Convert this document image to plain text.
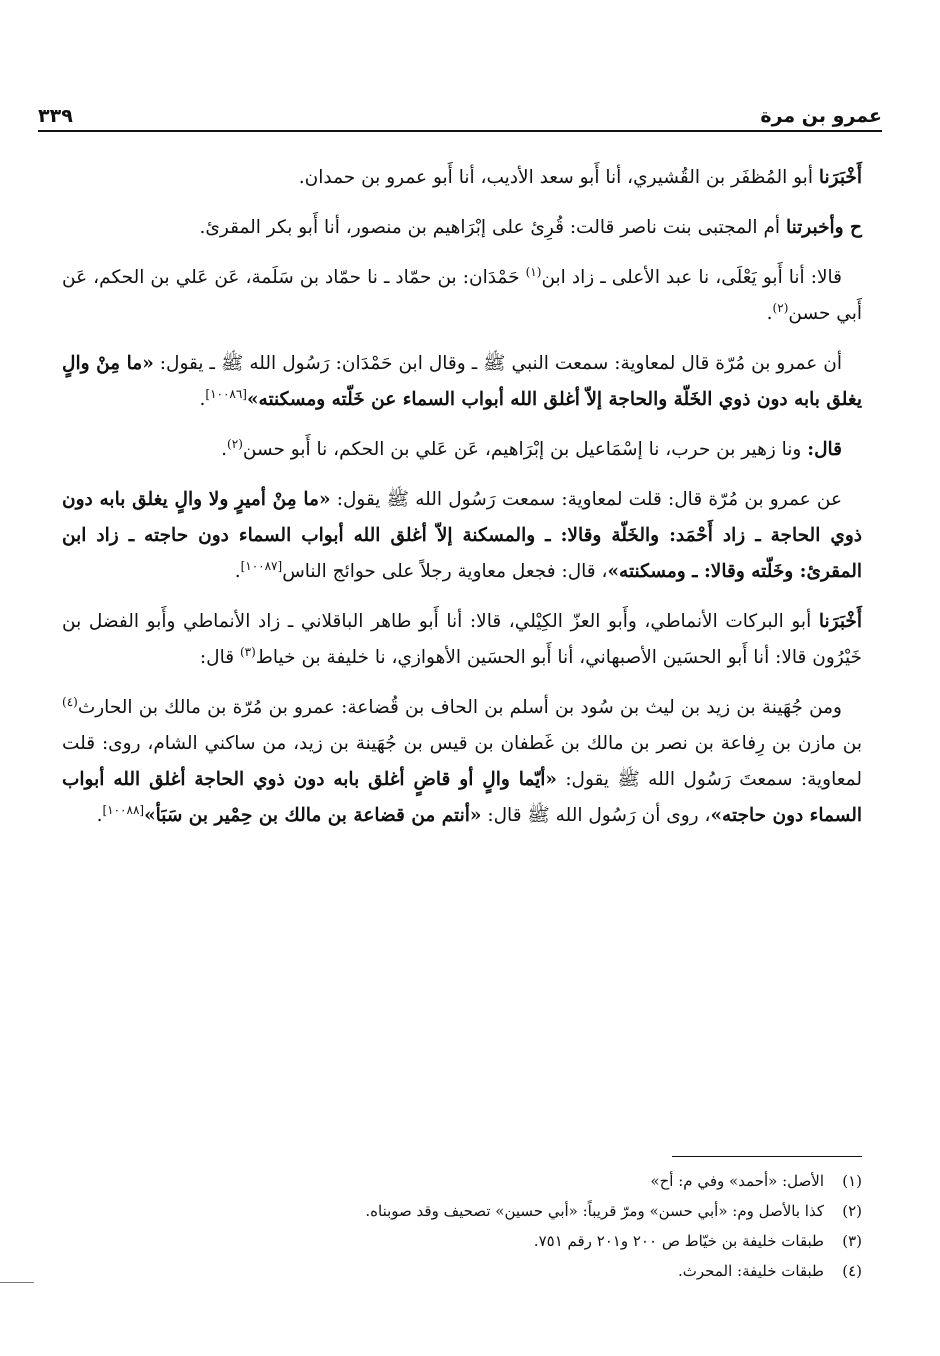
عمرو بن مرة
٣٣٩

أَخْبَرَنا أبو المُظفَر بن القُشيري، أنا أَبو سعد الأديب، أنا أَبو عمرو بن حمدان.

ح وأخبرتنا أم المجتبى بنت ناصر قالت: قُرِئ على إبْرَاهيم بن منصور، أنا أَبو بكر المقرئ.

قالا: أنا أَبو يَعْلَى، نا عبد الأعلى ـ زاد ابن$^{(١)}$ حَمْدَان: بن حمّاد ـ نا حمّاد بن سَلَمة، عَن عَلي بن الحكم، عَن أَبي حسن$^{(٢)}$.

أن عمرو بن مُرّة قال لمعاوية: سمعت النبي ﷺ ـ وقال ابن حَمْدَان: رَسُول الله ﷺ ـ يقول: «ما مِنْ والٍ يغلق بابه دون ذوي الخَلّة والحاجة إلاّ أغلق الله أبواب السماء عن خَلّته ومسكنته»[١٠٠٨٦].

قال: ونا زهير بن حرب، نا إسْمَاعيل بن إبْرَاهيم، عَن عَلي بن الحكم، نا أَبو حسن$^{(٢)}$.

عن عمرو بن مُرّة قال: قلت لمعاوية: سمعت رَسُول الله ﷺ يقول: «ما مِنْ أميرٍ ولا والٍ يغلق بابه دون ذوي الحاجة ـ زاد أَحْمَد: والخَلّة وقالا: ـ والمسكنة إلاّ أغلق الله أبواب السماء دون حاجته ـ زاد ابن المقرئ: وخَلّته وقالا: ـ ومسكنته»، قال: فجعل معاوية رجلاً على حوائج الناس[١٠٠٨٧].

أَخْبَرَنا أبو البركات الأنماطي، وأَبو العزّ الكِيْلي، قالا: أنا أَبو طاهر الباقلاني ـ زاد الأنماطي وأَبو الفضل بن خَيْرُون قالا: أنا أَبو الحسَين الأصبهاني، أنا أَبو الحسَين الأهوازي، نا خليفة بن خياط$^{(٣)}$ قال:

ومن جُهَينة بن زيد بن ليث بن سُود بن أسلم بن الحاف بن قُضاعة: عمرو بن مُرّة بن مالك بن الحارث$^{(٤)}$ بن مازن بن رِفاعة بن نصر بن مالك بن غَطفان بن قيس بن جُهَينة بن زيد، من ساكني الشام، روى: قلت لمعاوية: سمعتَ رَسُول الله ﷺ يقول: «أيّما والٍ أو قاضٍ أغلق بابه دون ذوي الحاجة أغلق الله أبواب السماء دون حاجته»، روى أن رَسُول الله ﷺ قال: «أنتم من قضاعة بن مالك بن حِمْير بن سَبَأ»[١٠٠٨٨].

(١)
الأصل: «أحمد» وفي م: أح»
(٢)
كذا بالأصل وم: «أبي حسن» ومرّ قريباً: «أبي حسين» تصحيف وقد صوبناه.
(٣)
طبقات خليفة بن خيّاط ص ٢٠٠ و٢٠١ رقم ٧٥١.
(٤)
طبقات خليفة: المحرث.
